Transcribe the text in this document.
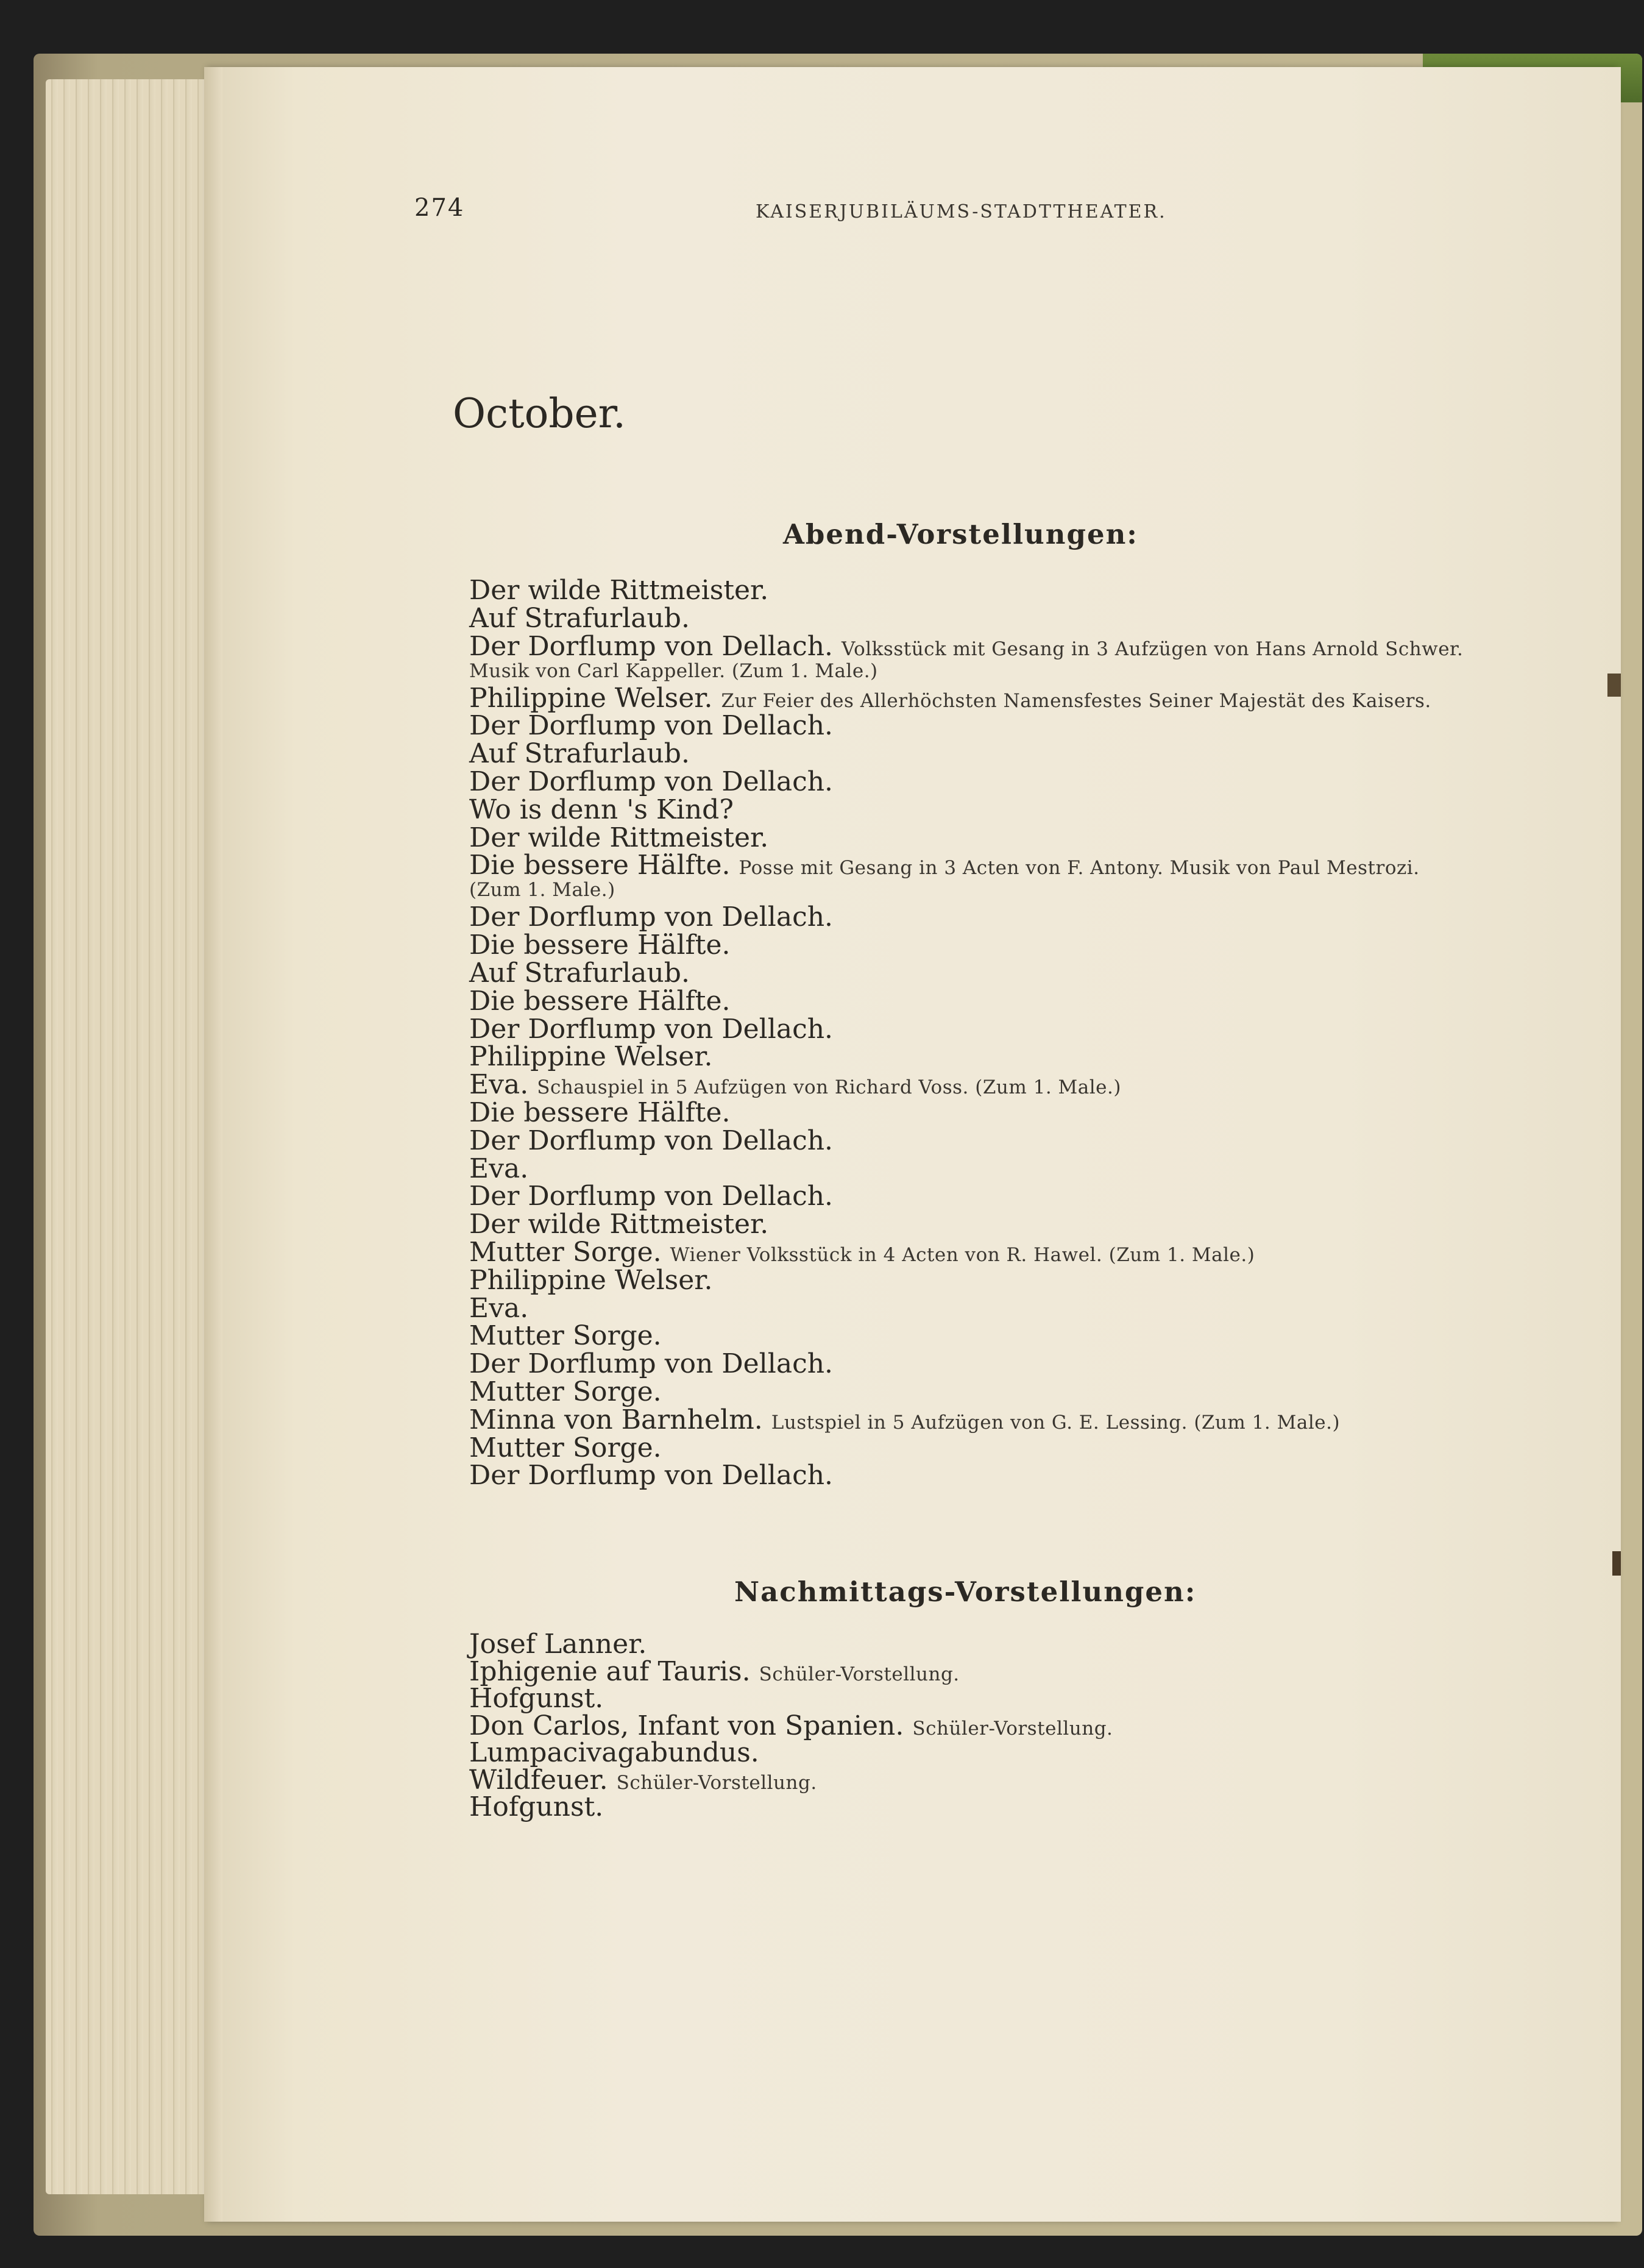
274	KAISERJUBILÄUMS-STADTTHEATER.
October.
Abend-Vorstellungen:
Der wilde Rittmeister.
Auf Strafurlaub.
Der Dorflump von Dellach. Volksstück mit Gesang in 3 Aufzügen von Hans Arnold Schwer.
Musik von Carl Kappeller. (Zum 1. Male.)
Philippine Welser. Zur Feier des Allerhöchsten Namensfestes Seiner Majestät des Kaisers.
Der Dorflump von Dellach.
Auf Strafurlaub.
Der Dorflump von Dellach.
Wo is denn 's Kind?
Der wilde Rittmeister.
Die bessere Hälfte. Posse mit Gesang in 3 Acten von F. Antony. Musik von Paul Mestrozi.
(Zum 1. Male.)
Der Dorflump von Dellach.
Die bessere Hälfte.
Auf Strafurlaub.
Die bessere Hälfte.
Der Dorflump von Dellach.
Philippine Welser.
Eva. Schauspiel in 5 Aufzügen von Richard Voss. (Zum 1. Male.)
Die bessere Hälfte.
Der Dorflump von Dellach.
Eva.
Der Dorflump von Dellach.
Der wilde Rittmeister.
Mutter Sorge. Wiener Volksstück in 4 Acten von R. Hawel. (Zum 1. Male.)
Philippine Welser.
Eva.
Mutter Sorge.
Der Dorflump von Dellach.
Mutter Sorge.
Minna von Barnhelm. Lustspiel in 5 Aufzügen von G. E. Lessing. (Zum 1. Male.)
Mutter Sorge.
Der Dorflump von Dellach.
Nachmittags-Vorstellungen:
Josef Lanner.
Iphigenie auf Tauris. Schüler-Vorstellung.
Hofgunst.
Don Carlos, Infant von Spanien. Schüler-Vorstellung.
Lumpacivagabundus.
Wildfeuer. Schüler-Vorstellung.
Hofgunst.
